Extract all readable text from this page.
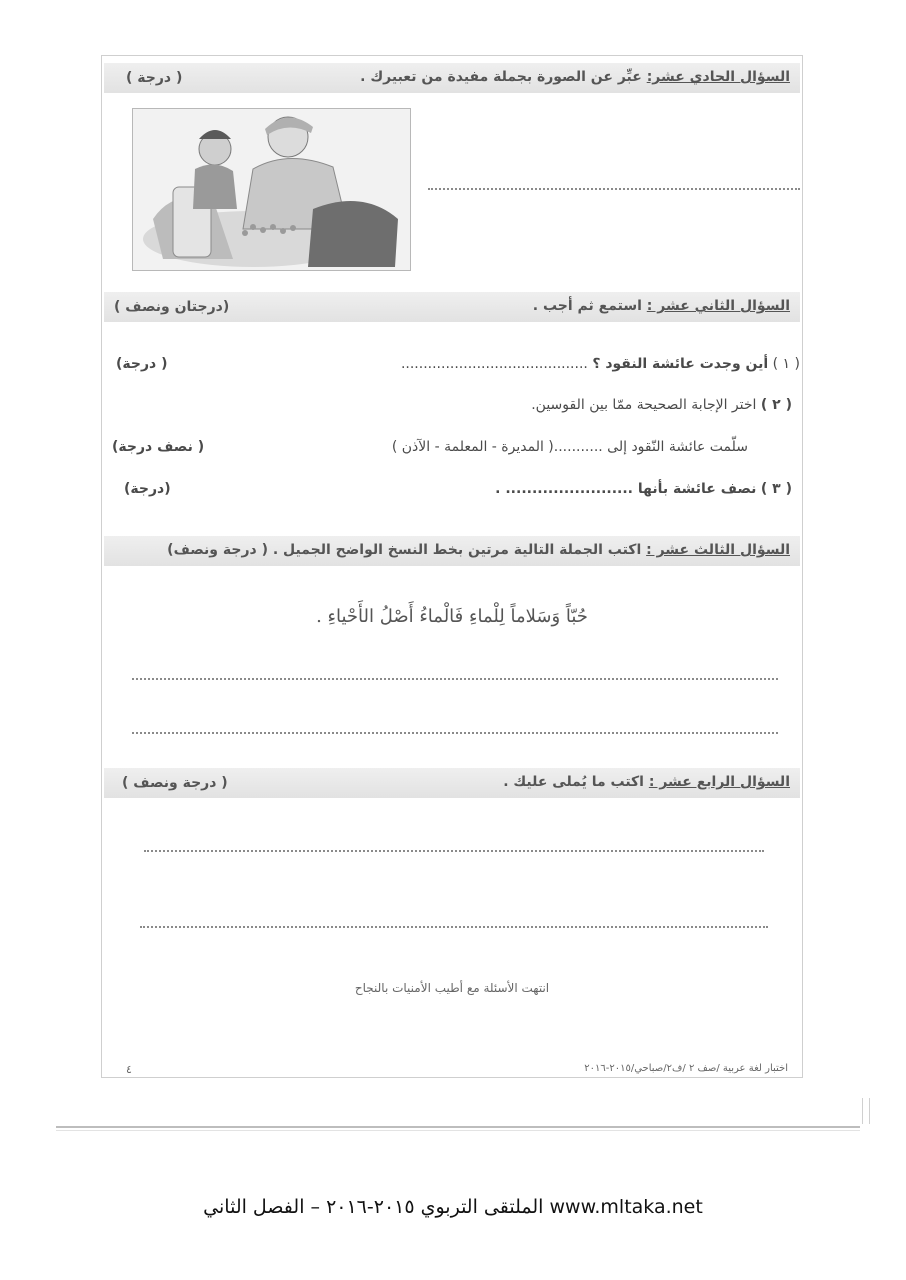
السؤال الحادي عشر: عبِّر عن الصورة بجملة مفيدة من تعبيرك .
( درجة )
السؤال الثاني عشر : استمع ثم أجب .
(درجتان ونصف )
( ١ ) أين وجدت عائشة النقود ؟ ..........................................
( درجة)
( ٢ ) اختر الإجابة الصحيحة ممّا بين القوسين.
سلّمت عائشة النّقود إلى ...........( المديرة - المعلمة - الآذن )
( نصف درجة)
( ٣ ) نصف عائشة بأنها ........................ .
(درجة)
السؤال الثالث عشر : اكتب الجملة التالية مرتين بخط النسخ الواضح الجميل . ( درجة ونصف)
حُبّاً وَسَلاماً لِلْماءِ فَالْماءُ أَصْلُ الأَحْياءِ .
السؤال الرابع عشر : اكتب ما يُملى عليك .
( درجة ونصف )
انتهت الأسئلة مع أطيب الأمنيات بالنجاح
٤	اختبار لغة عربية /صف ٢ /ف٢/صباحي/٢٠١٥-٢٠١٦
الملتقى التربوي ٢٠١٥-٢٠١٦ – الفصل الثاني www.mltaka.net
